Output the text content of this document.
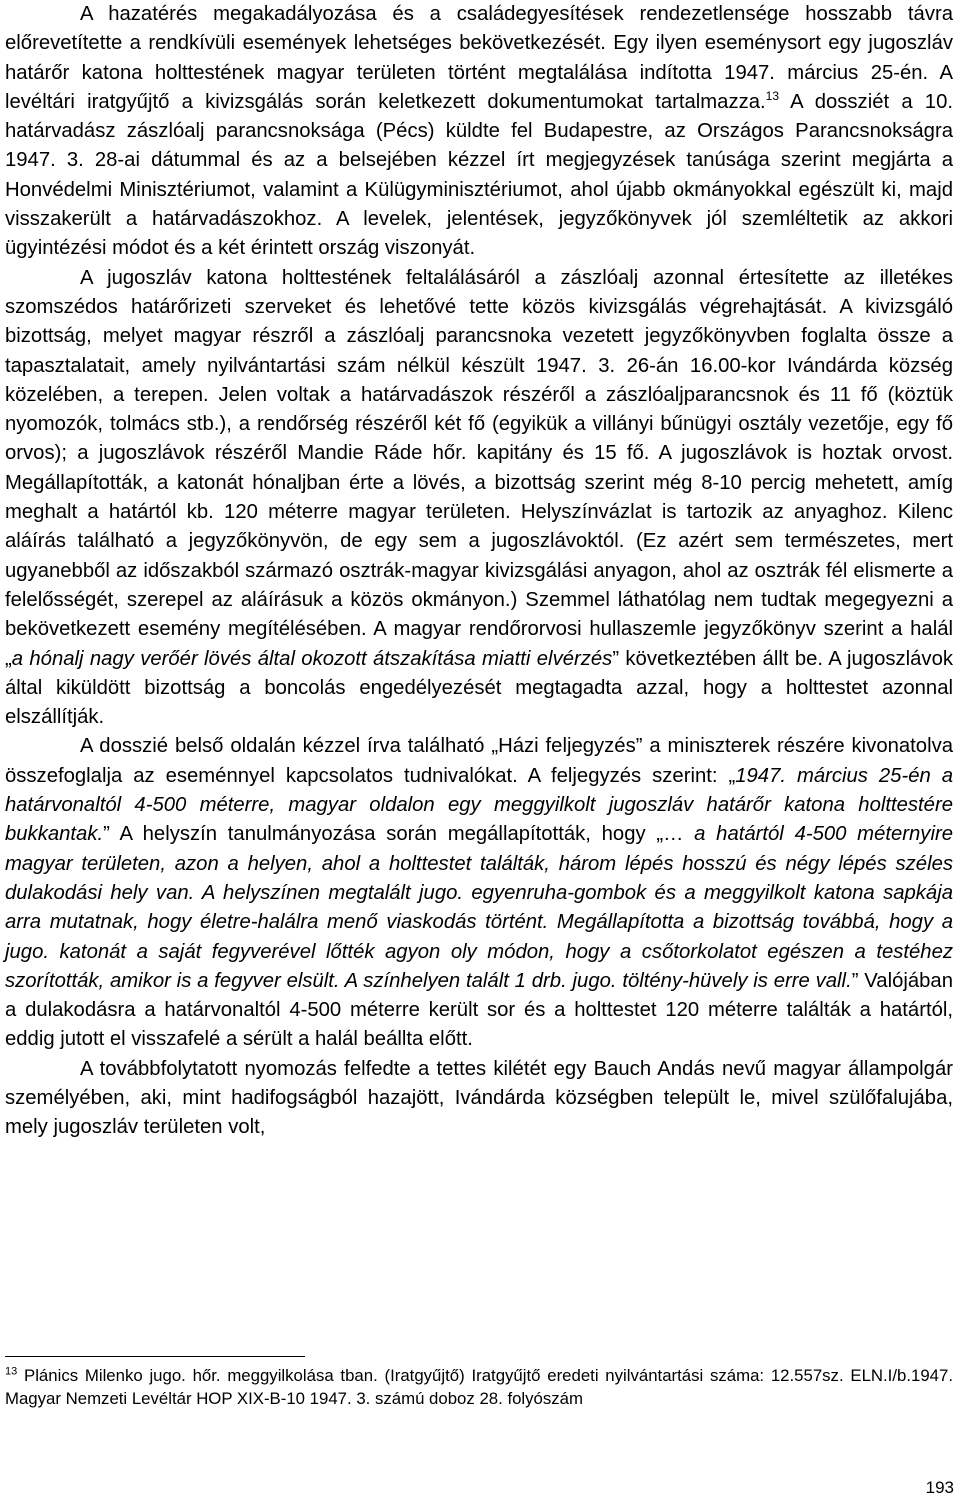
A hazatérés megakadályozása és a családegyesítések rendezetlensége hosszabb távra előrevetítette a rendkívüli események lehetséges bekövetkezését. Egy ilyen eseménysort egy jugoszláv határőr katona holttestének magyar területen történt megtalálása indította 1947. március 25-én. A levéltári iratgyűjtő a kivizsgálás során keletkezett dokumentumokat tartalmazza.$^{13}$ A dossziét a 10. határvadász zászlóalj parancsnoksága (Pécs) küldte fel Budapestre, az Országos Parancsnokságra 1947. 3. 28-ai dátummal és az a belsejében kézzel írt megjegyzések tanúsága szerint megjárta a Honvédelmi Minisztériumot, valamint a Külügyminisztériumot, ahol újabb okmányokkal egészült ki, majd visszakerült a határvadászokhoz. A levelek, jelentések, jegyzőkönyvek jól szemléltetik az akkori ügyintézési módot és a két érintett ország viszonyát.

A jugoszláv katona holttestének feltalálásáról a zászlóalj azonnal értesítette az illetékes szomszédos határőrizeti szerveket és lehetővé tette közös kivizsgálás végrehajtását. A kivizsgáló bizottság, melyet magyar részről a zászlóalj parancsnoka vezetett jegyzőkönyvben foglalta össze a tapasztalatait, amely nyilvántartási szám nélkül készült 1947. 3. 26-án 16.00-kor Ivándárda község közelében, a terepen. Jelen voltak a határvadászok részéről a zászlóaljparancsnok és 11 fő (köztük nyomozók, tolmács stb.), a rendőrség részéről két fő (egyikük a villányi bűnügyi osztály vezetője, egy fő orvos); a jugoszlávok részéről Mandie Ráde hőr. kapitány és 15 fő. A jugoszlávok is hoztak orvost. Megállapították, a katonát hónaljban érte a lövés, a bizottság szerint még 8-10 percig mehetett, amíg meghalt a határtól kb. 120 méterre magyar területen. Helyszínvázlat is tartozik az anyaghoz. Kilenc aláírás található a jegyzőkönyvön, de egy sem a jugoszlávoktól. (Ez azért sem természetes, mert ugyanebből az időszakból származó osztrák-magyar kivizsgálási anyagon, ahol az osztrák fél elismerte a felelősségét, szerepel az aláírásuk a közös okmányon.) Szemmel láthatólag nem tudtak megegyezni a bekövetkezett esemény megítélésében. A magyar rendőrorvosi hullaszemle jegyzőkönyv szerint a halál „a hónalj nagy verőér lövés által okozott átszakítása miatti elvérzés” következtében állt be. A jugoszlávok által kiküldött bizottság a boncolás engedélyezését megtagadta azzal, hogy a holttestet azonnal elszállítják.

A dosszié belső oldalán kézzel írva található „Házi feljegyzés” a miniszterek részére kivonatolva összefoglalja az eseménnyel kapcsolatos tudnivalókat. A feljegyzés szerint: „1947. március 25-én a határvonaltól 4-500 méterre, magyar oldalon egy meggyilkolt jugoszláv határőr katona holttestére bukkantak.” A helyszín tanulmányozása során megállapították, hogy „… a határtól 4-500 méternyire magyar területen, azon a helyen, ahol a holttestet találták, három lépés hosszú és négy lépés széles dulakodási hely van. A helyszínen megtalált jugo. egyenruha-gombok és a meggyilkolt katona sapkája arra mutatnak, hogy életre-halálra menő viaskodás történt. Megállapította a bizottság továbbá, hogy a jugo. katonát a saját fegyverével lőtték agyon oly módon, hogy a csőtorkolatot egészen a testéhez szorították, amikor is a fegyver elsült. A színhelyen talált 1 drb. jugo. töltény-hüvely is erre vall.” Valójában a dulakodásra a határvonaltól 4-500 méterre került sor és a holttestet 120 méterre találták a határtól, eddig jutott el visszafelé a sérült a halál beálltа előtt.

A továbbfolytatott nyomozás felfedte a tettes kilétét egy Bauch Andás nevű magyar állampolgár személyében, aki, mint hadifogságból hazajött, Ivándárda községben települt le, mivel szülőfalujába, mely jugoszláv területen volt,

$^{13}$ Plánics Milenko jugo. hőr. meggyilkolása tban. (Iratgyűjtő) Iratgyűjtő eredeti nyilvántartási száma: 12.557sz. ELN.I/b.1947. Magyar Nemzeti Levéltár HOP XIX-B-10 1947. 3. számú doboz 28. folyószám
193
